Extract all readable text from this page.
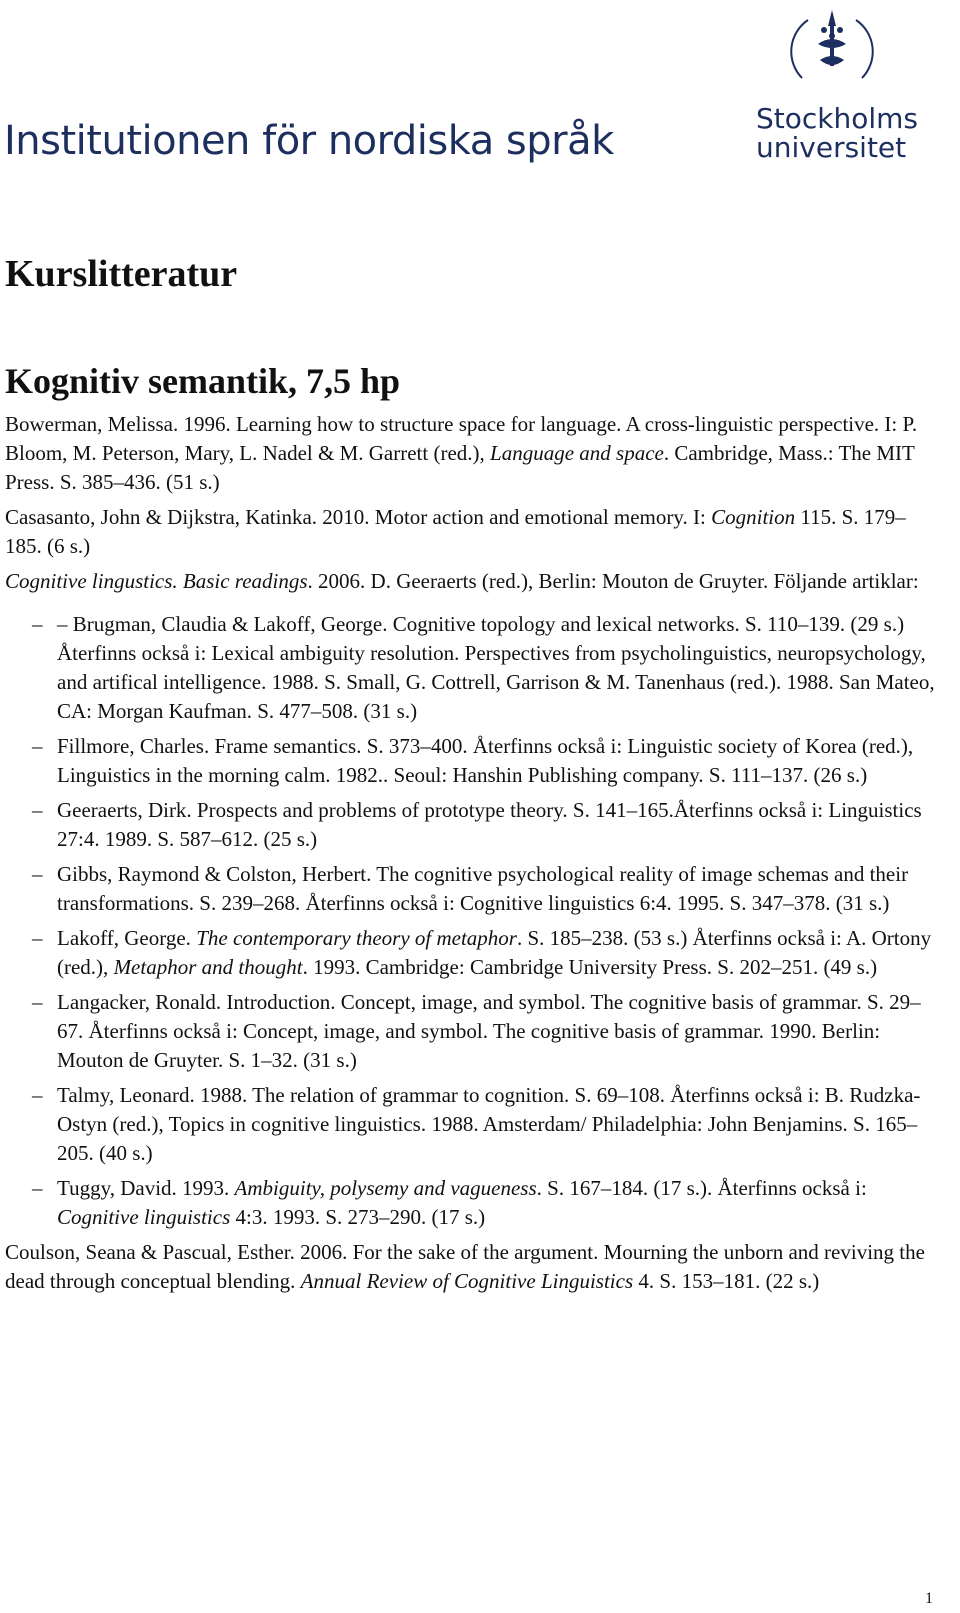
Institutionen för nordiska språk	Stockholms
universitet
Kurslitteratur
Kognitiv semantik, 7,5 hp

Bowerman, Melissa. 1996. Learning how to structure space for language. A cross-linguistic perspective. I: P. Bloom, M. Peterson, Mary, L. Nadel & M. Garrett (red.), Language and space. Cambridge, Mass.: The MIT Press. S. 385–436. (51 s.)

Casasanto, John & Dijkstra, Katinka. 2010. Motor action and emotional memory. I: Cognition 115. S. 179–185. (6 s.)

Cognitive lingustics. Basic readings. 2006. D. Geeraerts (red.), Berlin: Mouton de Gruyter. Följande artiklar:

– – Brugman, Claudia & Lakoff, George. Cognitive topology and lexical networks. S. 110–139. (29 s.) Återfinns också i: Lexical ambiguity resolution. Perspectives from psycholinguistics, neuropsychology, and artifical intelligence. 1988. S. Small, G. Cottrell, Garrison & M. Tanenhaus (red.). 1988. San Mateo, CA: Morgan Kaufman. S. 477–508. (31 s.)
– Fillmore, Charles. Frame semantics. S. 373–400. Återfinns också i: Linguistic society of Korea (red.), Linguistics in the morning calm. 1982.. Seoul: Hanshin Publishing company. S. 111–137. (26 s.)
– Geeraerts, Dirk. Prospects and problems of prototype theory. S. 141–165.Återfinns också i: Linguistics 27:4. 1989. S. 587–612. (25 s.)
– Gibbs, Raymond & Colston, Herbert. The cognitive psychological reality of image schemas and their transformations. S. 239–268. Återfinns också i: Cognitive linguistics 6:4. 1995. S. 347–378. (31 s.)
– Lakoff, George. The contemporary theory of metaphor. S. 185–238. (53 s.) Återfinns också i: A. Ortony (red.), Metaphor and thought. 1993. Cambridge: Cambridge University Press. S. 202–251. (49 s.)
– Langacker, Ronald. Introduction. Concept, image, and symbol. The cognitive basis of grammar. S. 29–67. Återfinns också i: Concept, image, and symbol. The cognitive basis of grammar. 1990. Berlin: Mouton de Gruyter. S. 1–32. (31 s.)
– Talmy, Leonard. 1988. The relation of grammar to cognition. S. 69–108. Återfinns också i: B. Rudzka-Ostyn (red.), Topics in cognitive linguistics. 1988. Amsterdam/ Philadelphia: John Benjamins. S. 165–205. (40 s.)
– Tuggy, David. 1993. Ambiguity, polysemy and vagueness. S. 167–184. (17 s.). Återfinns också i: Cognitive linguistics 4:3. 1993. S. 273–290. (17 s.)

Coulson, Seana & Pascual, Esther. 2006. For the sake of the argument. Mourning the unborn and reviving the dead through conceptual blending. Annual Review of Cognitive Linguistics 4. S. 153–181. (22 s.)

1
